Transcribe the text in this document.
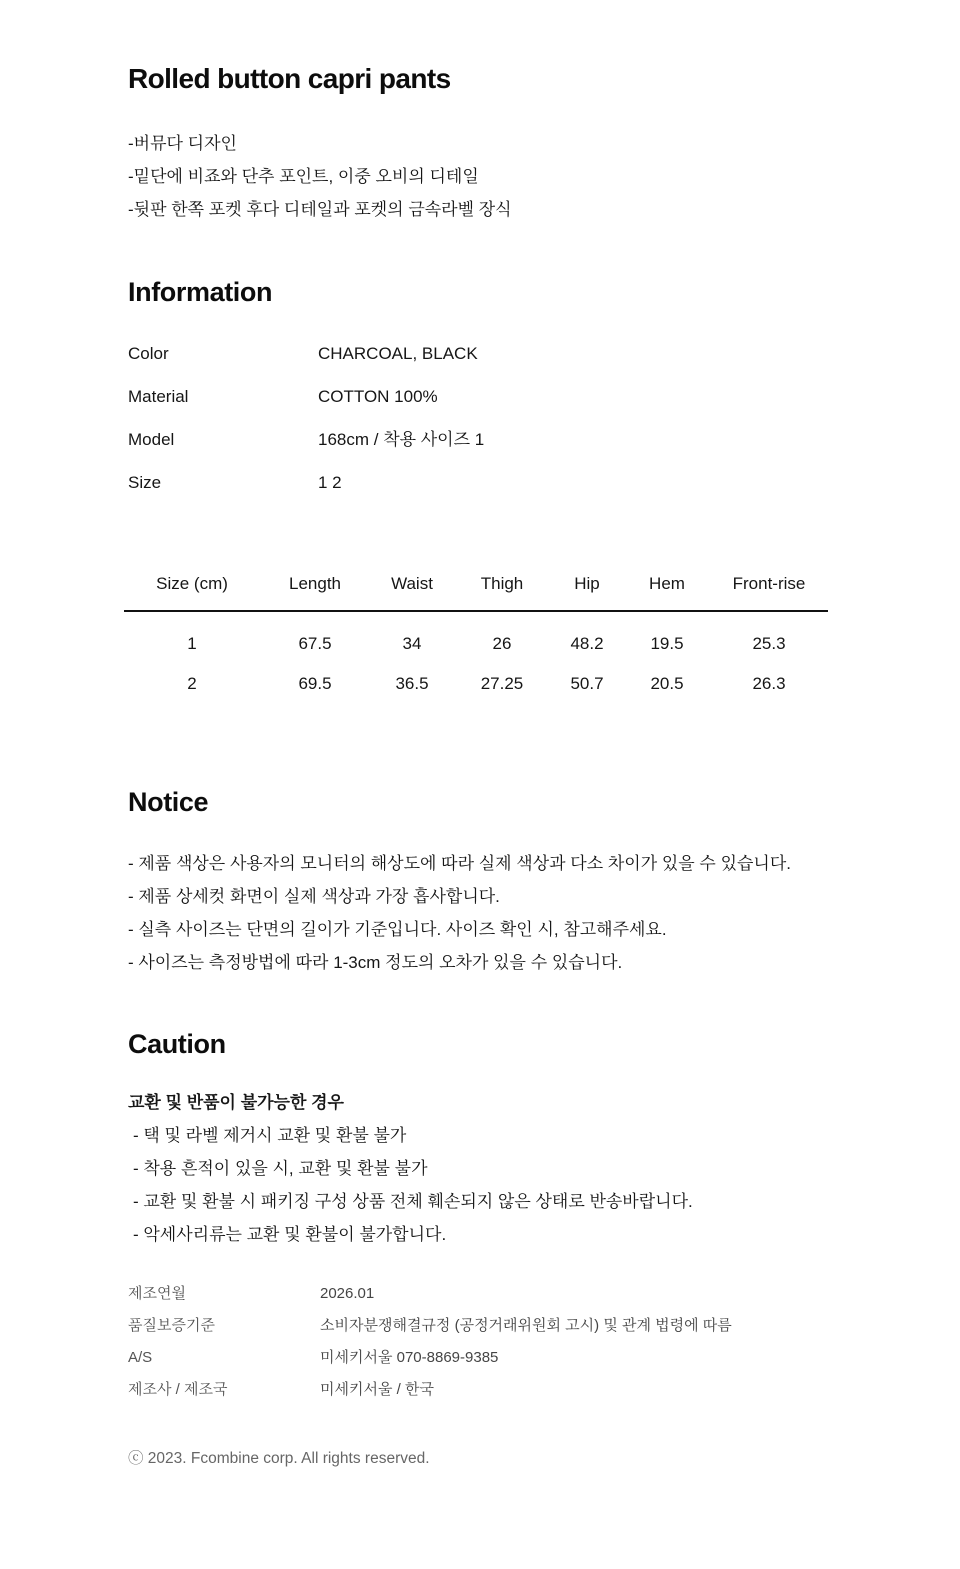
Rolled button capri pants
-버뮤다 디자인
-밑단에 비죠와 단추 포인트, 이중 오비의 디테일
-뒷판 한쪽 포켓 후다 디테일과 포켓의 금속라벨 장식
Information
Color	CHARCOAL, BLACK
Material	COTTON 100%
Model	168cm / 착용 사이즈 1
Size	1 2
Size (cm)	Length	Waist	Thigh	Hip	Hem	Front-rise
1	67.5	34	26	48.2	19.5	25.3
2	69.5	36.5	27.25	50.7	20.5	26.3
Notice
- 제품 색상은 사용자의 모니터의 해상도에 따라 실제 색상과 다소 차이가 있을 수 있습니다.
- 제품 상세컷 화면이 실제 색상과 가장 흡사합니다.
- 실측 사이즈는 단면의 길이가 기준입니다. 사이즈 확인 시, 참고해주세요.
- 사이즈는 측정방법에 따라 1-3cm 정도의 오차가 있을 수 있습니다.
Caution
교환 및 반품이 불가능한 경우
- 택 및 라벨 제거시 교환 및 환불 불가
- 착용 흔적이 있을 시, 교환 및 환불 불가
- 교환 및 환불 시 패키징 구성 상품 전체 훼손되지 않은 상태로 반송바랍니다.
- 악세사리류는 교환 및 환불이 불가합니다.
제조연월	2026.01
품질보증기준	소비자분쟁해결규정 (공정거래위원회 고시) 및 관계 법령에 따름
A/S	미세키서울 070-8869-9385
제조사 / 제조국	미세키서울 / 한국
ⓒ 2023. Fcombine corp. All rights reserved.
